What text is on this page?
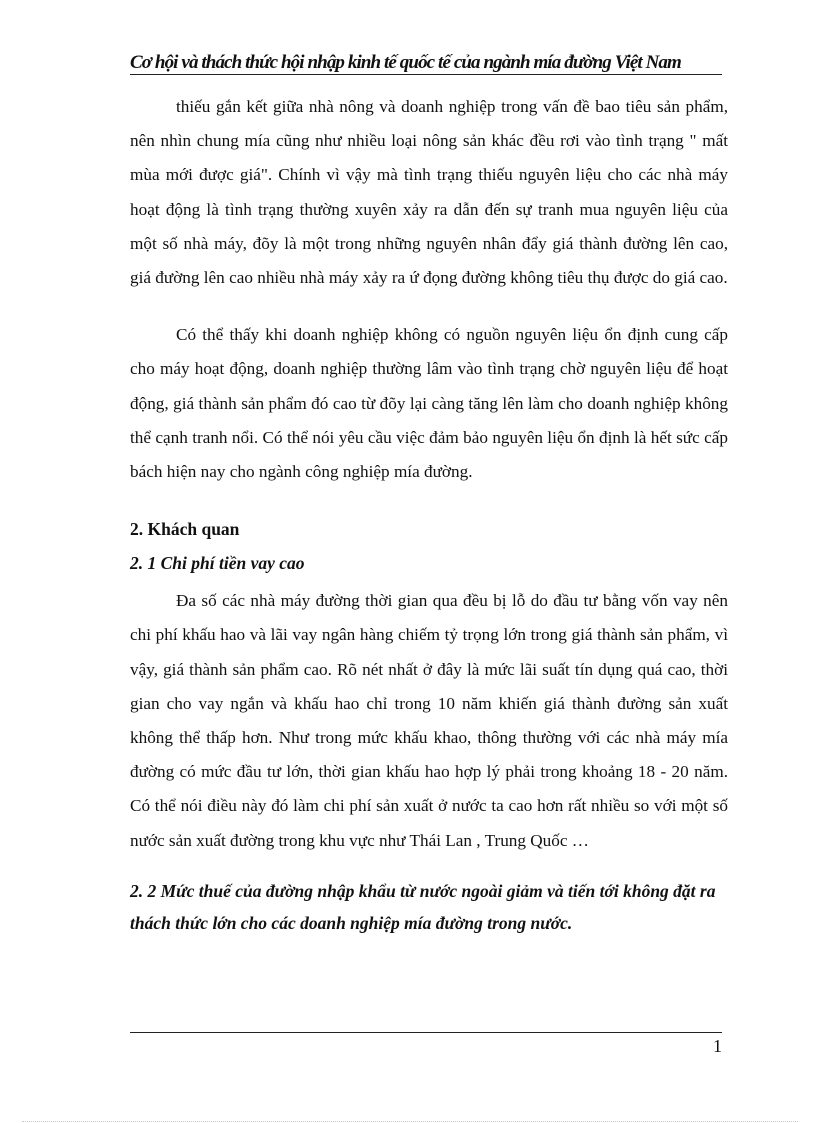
Cơ hội và thách thức hội nhập kinh tế quốc tế của ngành mía đường Việt Nam

thiếu gắn kết giữa nhà nông và doanh nghiệp trong vấn đề bao tiêu sản phẩm, nên nhìn chung mía cũng như nhiều loại nông sản khác đều rơi vào tình trạng " mất mùa mới được giá". Chính vì vậy mà tình trạng thiếu nguyên liệu cho các nhà máy hoạt động là tình trạng thường xuyên xảy ra dẫn đến sự tranh mua nguyên liệu của một số nhà máy, đõy là một trong những nguyên nhân đẩy giá thành đường lên cao, giá đường lên cao nhiều nhà máy xảy ra ứ đọng đường không tiêu thụ được do giá cao.

Có thể thấy khi doanh nghiệp không có nguồn nguyên liệu ổn định cung cấp cho máy hoạt động, doanh nghiệp thường lâm vào tình trạng chờ nguyên liệu để hoạt động, giá thành sản phẩm đó cao từ đõy lại càng tăng lên làm cho doanh nghiệp không thể cạnh tranh nổi. Có thể nói yêu cầu việc đảm bảo nguyên liệu ổn định là hết sức cấp bách hiện nay cho ngành công nghiệp mía đường.

2. Khách quan

2. 1 Chi phí tiền vay cao

Đa số các nhà máy đường thời gian qua đều bị lỗ do đầu tư bằng vốn vay nên chi phí khấu hao và lãi vay ngân hàng chiếm tỷ trọng lớn trong giá thành sản phẩm, vì vậy, giá thành sản phẩm cao. Rõ nét nhất ở đây là mức lãi suất tín dụng quá cao, thời gian cho vay ngắn và khấu hao chỉ trong 10 năm khiến giá thành đường sản xuất không thể thấp hơn. Như trong mức khấu khao, thông thường với các nhà máy mía đường có mức đầu tư lớn, thời gian khấu hao hợp lý phải trong khoảng 18 - 20 năm. Có thể nói điều này đó làm chi phí sản xuất ở nước ta cao hơn rất nhiều so với một số nước sản xuất đường trong khu vực như Thái Lan , Trung Quốc …

2. 2 Mức thuế của đường nhập khẩu từ nước ngoài giảm và tiến tới không đặt ra thách thức lớn cho các doanh nghiệp mía đường trong nước.

1
